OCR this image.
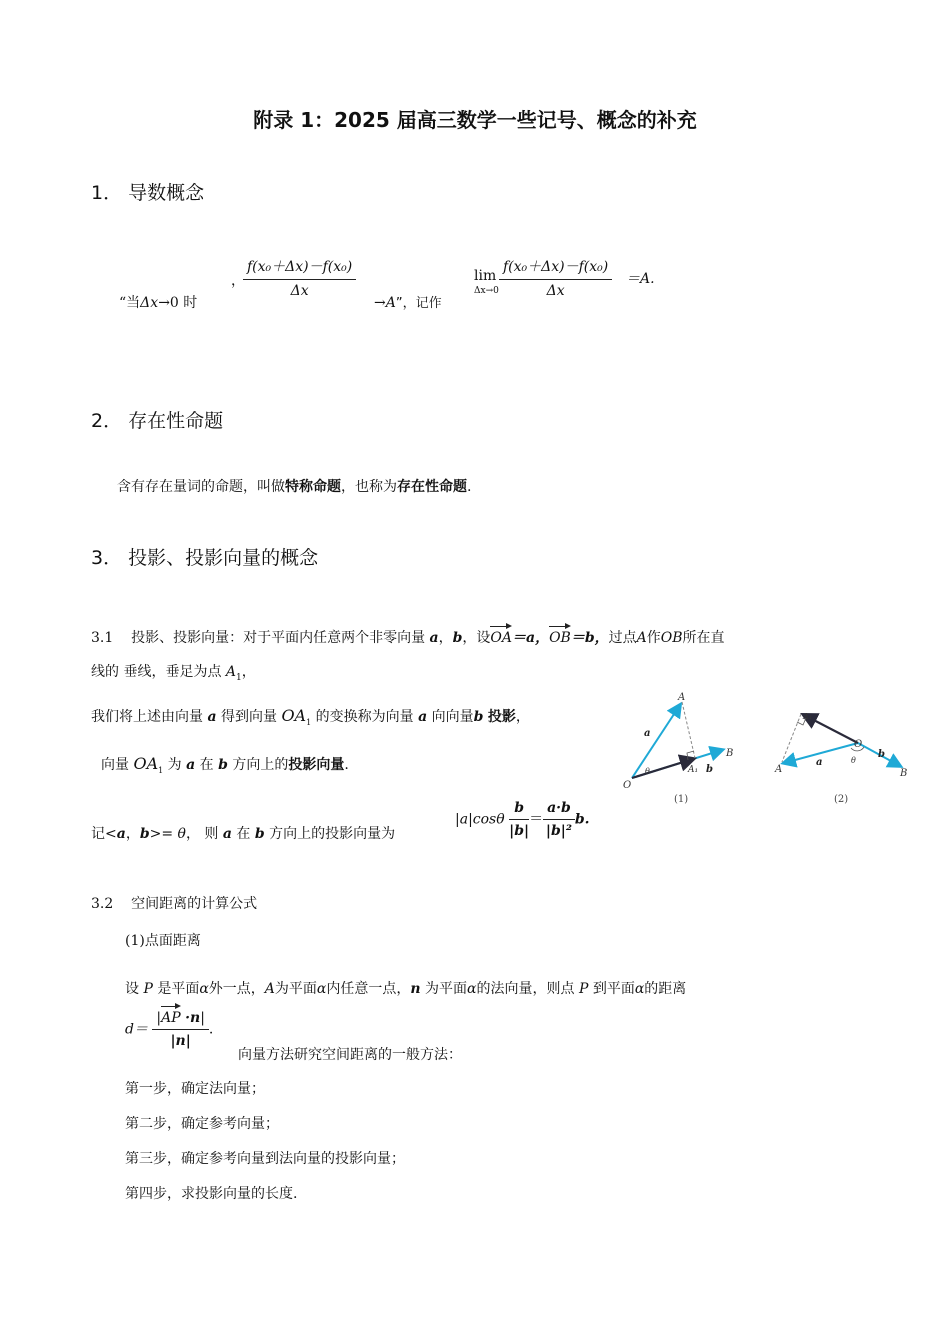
附录 1：2025 届高三数学一些记号、概念的补充
1． 导数概念
“当Δx→0 时
，
$\frac{\text{f(x₀＋Δx)－f(x₀)}}{\Delta x}$
→A”，记作
lim
$\Delta x\to 0 \frac{\text{f(x₀＋Δx)－f(x₀)}}{\Delta x} =A$.
2． 存在性命题
含有存在量词的命题，叫做特称命题，也称为存在性命题.
3． 投影、投影向量的概念
3.1 投影、投影向量：对于平面内任意两个非零向量 a，b，设OA＝a，OB＝b，过点A作OB所在直
线的 垂线，垂足为点 $A_1$，
我们将上述由向量 a 得到向量 $OA_1$ 的变换称为向量 a 向向量b 投影，
向量 $OA_1$ 为 a 在 b 方向上的投影向量.
记<a，b>= θ， 则 a 在 b 方向上的投影向量为
$|a|\cos\theta \frac{b}{|b|} = \frac{a\cdot b}{\text{|b|²}} b$.
O
A
A₁
B
a
b
θ
(1)
O
A₁
A	B
a
b
θ
(2)
3.2 空间距离的计算公式
(1)点面距离
设 P 是平面α外一点，A为平面α内任意一点，n 为平面α的法向量，则点 P 到平面α的距离
$d= \frac{|AP \cdot n|}{|n|}$ .
向量方法研究空间距离的一般方法：
第一步，确定法向量；
第二步，确定参考向量；
第三步，确定参考向量到法向量的投影向量；
第四步，求投影向量的长度.
